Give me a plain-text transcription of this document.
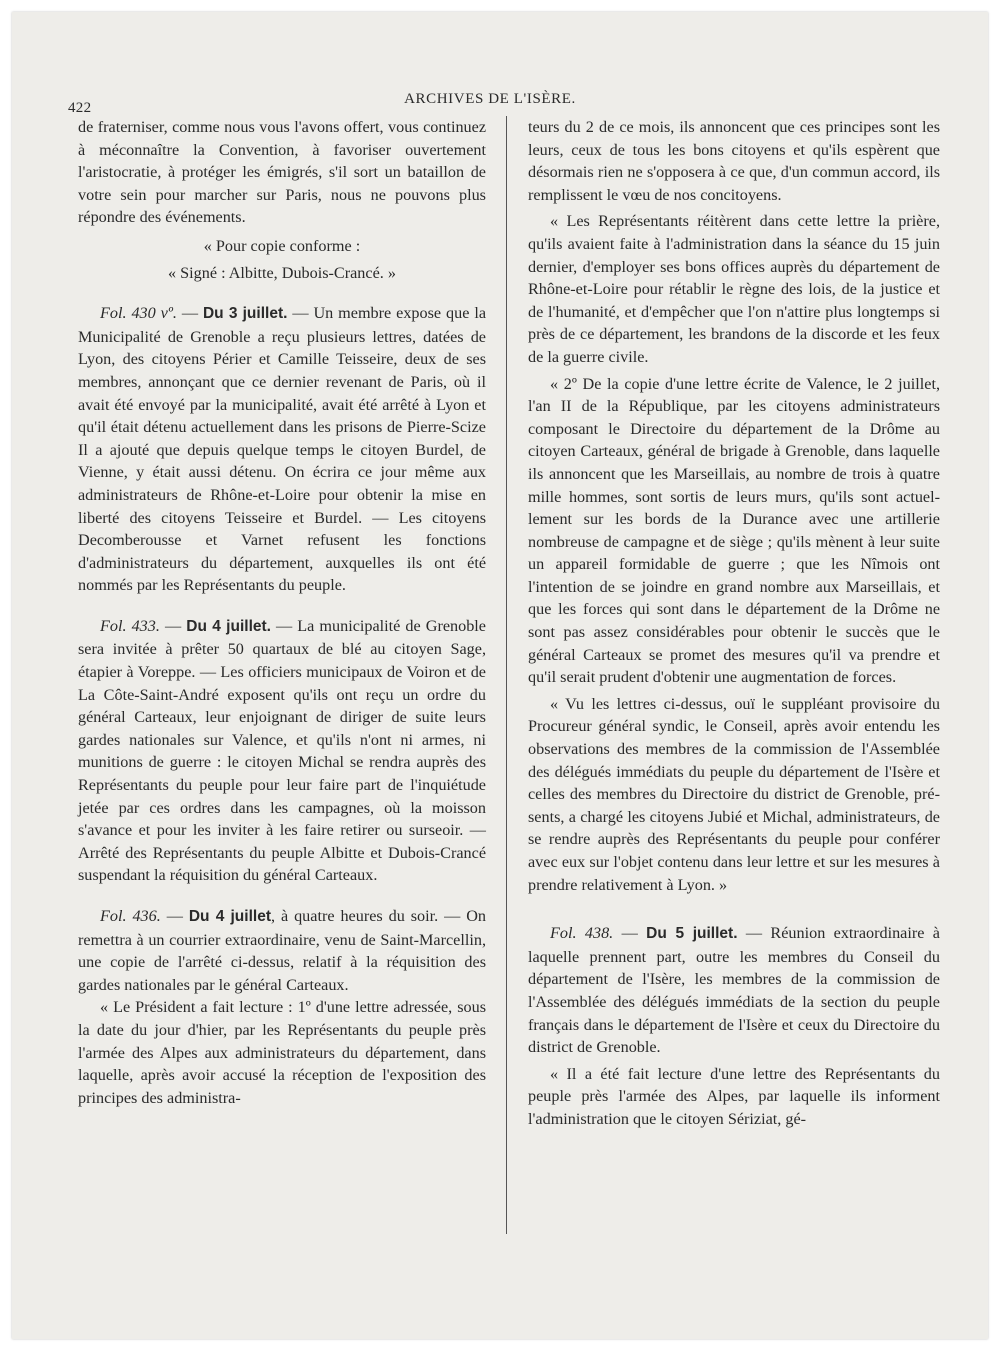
422
ARCHIVES DE L'ISÈRE.

de fraterniser, comme nous vous l'avons offert, vous continuez à méconnaître la Convention, à favoriser ouvertement l'aristocratie, à protéger les émigrés, s'il sort un bataillon de votre sein pour marcher sur Paris, nous ne pouvons plus répondre des événements.

« Pour copie conforme :

« Signé : Albitte, Dubois-Crancé. »

Fol. 430 vº. — Du 3 juillet. — Un membre expose que la Municipalité de Grenoble a reçu plusieurs lettres, datées de Lyon, des citoyens Périer et Camille Teisseire, deux de ses membres, annonçant que ce dernier revenant de Paris, où il avait été envoyé par la municipalité, avait été arrêté à Lyon et qu'il était détenu actuellement dans les prisons de Pierre-Scize Il a ajouté que depuis quelque temps le citoyen Burdel, de Vienne, y était aussi détenu. On écrira ce jour même aux administrateurs de Rhône-et-Loire pour obtenir la mise en liberté des citoyens Teisseire et Burdel. — Les citoyens Decomberousse et Varnet refusent les fonctions d'administrateurs du département, auxquelles ils ont été nommés par les Représentants du peuple.

Fol. 433. — Du 4 juillet. — La municipalité de Grenoble sera invitée à prêter 50 quartaux de blé au citoyen Sage, étapier à Voreppe. — Les officiers municipaux de Voiron et de La Côte-Saint-André exposent qu'ils ont reçu un ordre du général Carteaux, leur enjoignant de diriger de suite leurs gardes nationales sur Valence, et qu'ils n'ont ni armes, ni munitions de guerre : le citoyen Michal se rendra auprès des Représentants du peuple pour leur faire part de l'inquiétude jetée par ces ordres dans les campagnes, où la moisson s'avance et pour les inviter à les faire retirer ou surseoir. — Arrêté des Représentants du peuple Albitte et Dubois-Crancé suspendant la réquisition du général Carteaux.

Fol. 436. — Du 4 juillet, à quatre heures du soir. — On remettra à un courrier extraordinaire, venu de Saint-Marcellin, une copie de l'arrêté ci-dessus, relatif à la réquisition des gardes nationales par le général Carteaux.

« Le Président a fait lecture : 1º d'une lettre adressée, sous la date du jour d'hier, par les Représentants du peuple près l'armée des Alpes aux administrateurs du département, dans laquelle, après avoir accusé la réception de l'exposition des principes des administra-

teurs du 2 de ce mois, ils annoncent que ces principes sont les leurs, ceux de tous les bons citoyens et qu'ils espèrent que désormais rien ne s'opposera à ce que, d'un commun accord, ils remplissent le vœu de nos concitoyens.

« Les Représentants réitèrent dans cette lettre la prière, qu'ils avaient faite à l'administration dans la séance du 15 juin dernier, d'employer ses bons offices auprès du département de Rhône-et-Loire pour rétablir le règne des lois, de la justice et de l'humanité, et d'empêcher que l'on n'attire plus longtemps si près de ce département, les brandons de la discorde et les feux de la guerre civile.

« 2º De la copie d'une lettre écrite de Valence, le 2 juillet, l'an II de la République, par les citoyens administrateurs composant le Directoire du département de la Drôme au citoyen Carteaux, général de brigade à Grenoble, dans laquelle ils annoncent que les Marseillais, au nombre de trois à quatre mille hommes, sont sortis de leurs murs, qu'ils sont actuellement sur les bords de la Durance avec une artillerie nombreuse de campagne et de siège ; qu'ils mènent à leur suite un appareil formidable de guerre ; que les Nîmois ont l'intention de se joindre en grand nombre aux Marseillais, et que les forces qui sont dans le département de la Drôme ne sont pas assez considérables pour obtenir le succès que le général Carteaux se promet des mesures qu'il va prendre et qu'il serait prudent d'obtenir une augmentation de forces.

« Vu les lettres ci-dessus, ouï le suppléant provisoire du Procureur général syndic, le Conseil, après avoir entendu les observations des membres de la commission de l'Assemblée des délégués immédiats du peuple du département de l'Isère et celles des membres du Directoire du district de Grenoble, présents, a chargé les citoyens Jubié et Michal, administrateurs, de se rendre auprès des Représentants du peuple pour conférer avec eux sur l'objet contenu dans leur lettre et sur les mesures à prendre relativement à Lyon. »

Fol. 438. — Du 5 juillet. — Réunion extraordinaire à laquelle prennent part, outre les membres du Conseil du département de l'Isère, les membres de la commission de l'Assemblée des délégués immédiats de la section du peuple français dans le département de l'Isère et ceux du Directoire du district de Grenoble.

« Il a été fait lecture d'une lettre des Représentants du peuple près l'armée des Alpes, par laquelle ils informent l'administration que le citoyen Sériziat, gé-
